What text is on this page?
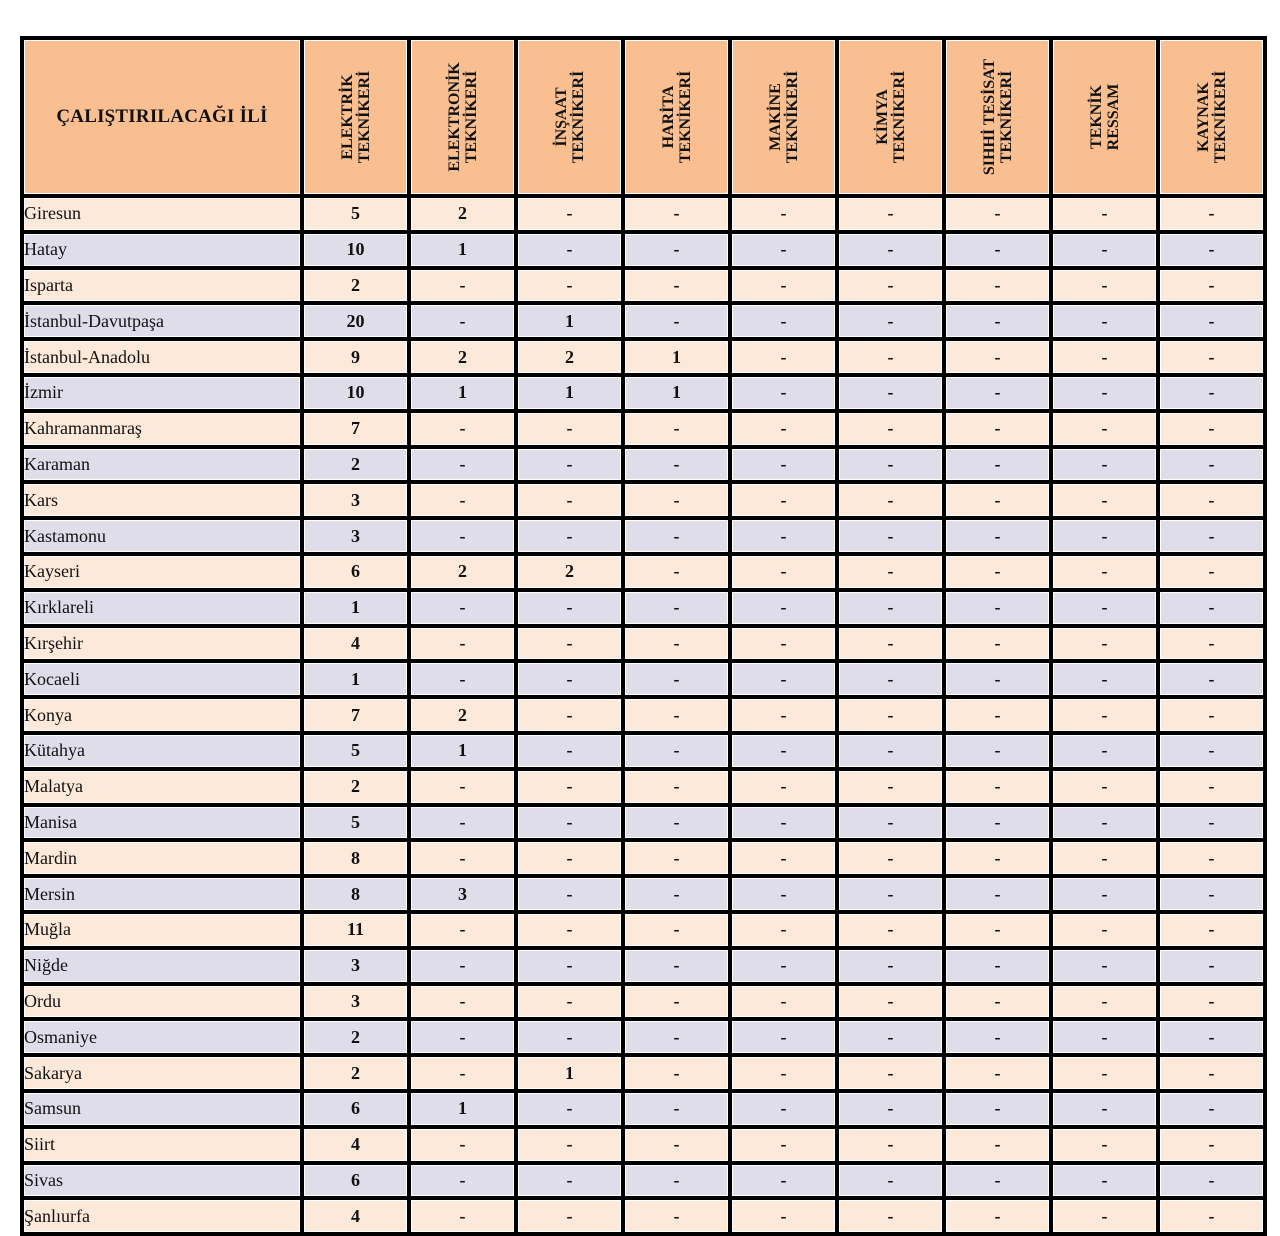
ÇALIŞTIRILACAĞI İLİ	ELEKTRİK TEKNİKERİ	ELEKTRONİK TEKNİKERİ	İNŞAAT TEKNİKERİ	HARİTA TEKNİKERİ	MAKİNE TEKNİKERİ	KİMYA TEKNİKERİ	SIHHİ TESİSAT TEKNİKERİ	TEKNİK RESSAM	KAYNAK TEKNİKERİ

Giresun	5	2	-	-	-	-	-	-	-
Hatay	10	1	-	-	-	-	-	-	-
Isparta	2	-	-	-	-	-	-	-	-
İstanbul-Davutpaşa	20	-	1	-	-	-	-	-	-
İstanbul-Anadolu	9	2	2	1	-	-	-	-	-
İzmir	10	1	1	1	-	-	-	-	-
Kahramanmaraş	7	-	-	-	-	-	-	-	-
Karaman	2	-	-	-	-	-	-	-	-
Kars	3	-	-	-	-	-	-	-	-
Kastamonu	3	-	-	-	-	-	-	-	-
Kayseri	6	2	2	-	-	-	-	-	-
Kırklareli	1	-	-	-	-	-	-	-	-
Kırşehir	4	-	-	-	-	-	-	-	-
Kocaeli	1	-	-	-	-	-	-	-	-
Konya	7	2	-	-	-	-	-	-	-
Kütahya	5	1	-	-	-	-	-	-	-
Malatya	2	-	-	-	-	-	-	-	-
Manisa	5	-	-	-	-	-	-	-	-
Mardin	8	-	-	-	-	-	-	-	-
Mersin	8	3	-	-	-	-	-	-	-
Muğla	11	-	-	-	-	-	-	-	-
Niğde	3	-	-	-	-	-	-	-	-
Ordu	3	-	-	-	-	-	-	-	-
Osmaniye	2	-	-	-	-	-	-	-	-
Sakarya	2	-	1	-	-	-	-	-	-
Samsun	6	1	-	-	-	-	-	-	-
Siirt	4	-	-	-	-	-	-	-	-
Sivas	6	-	-	-	-	-	-	-	-
Şanlıurfa	4	-	-	-	-	-	-	-	-
